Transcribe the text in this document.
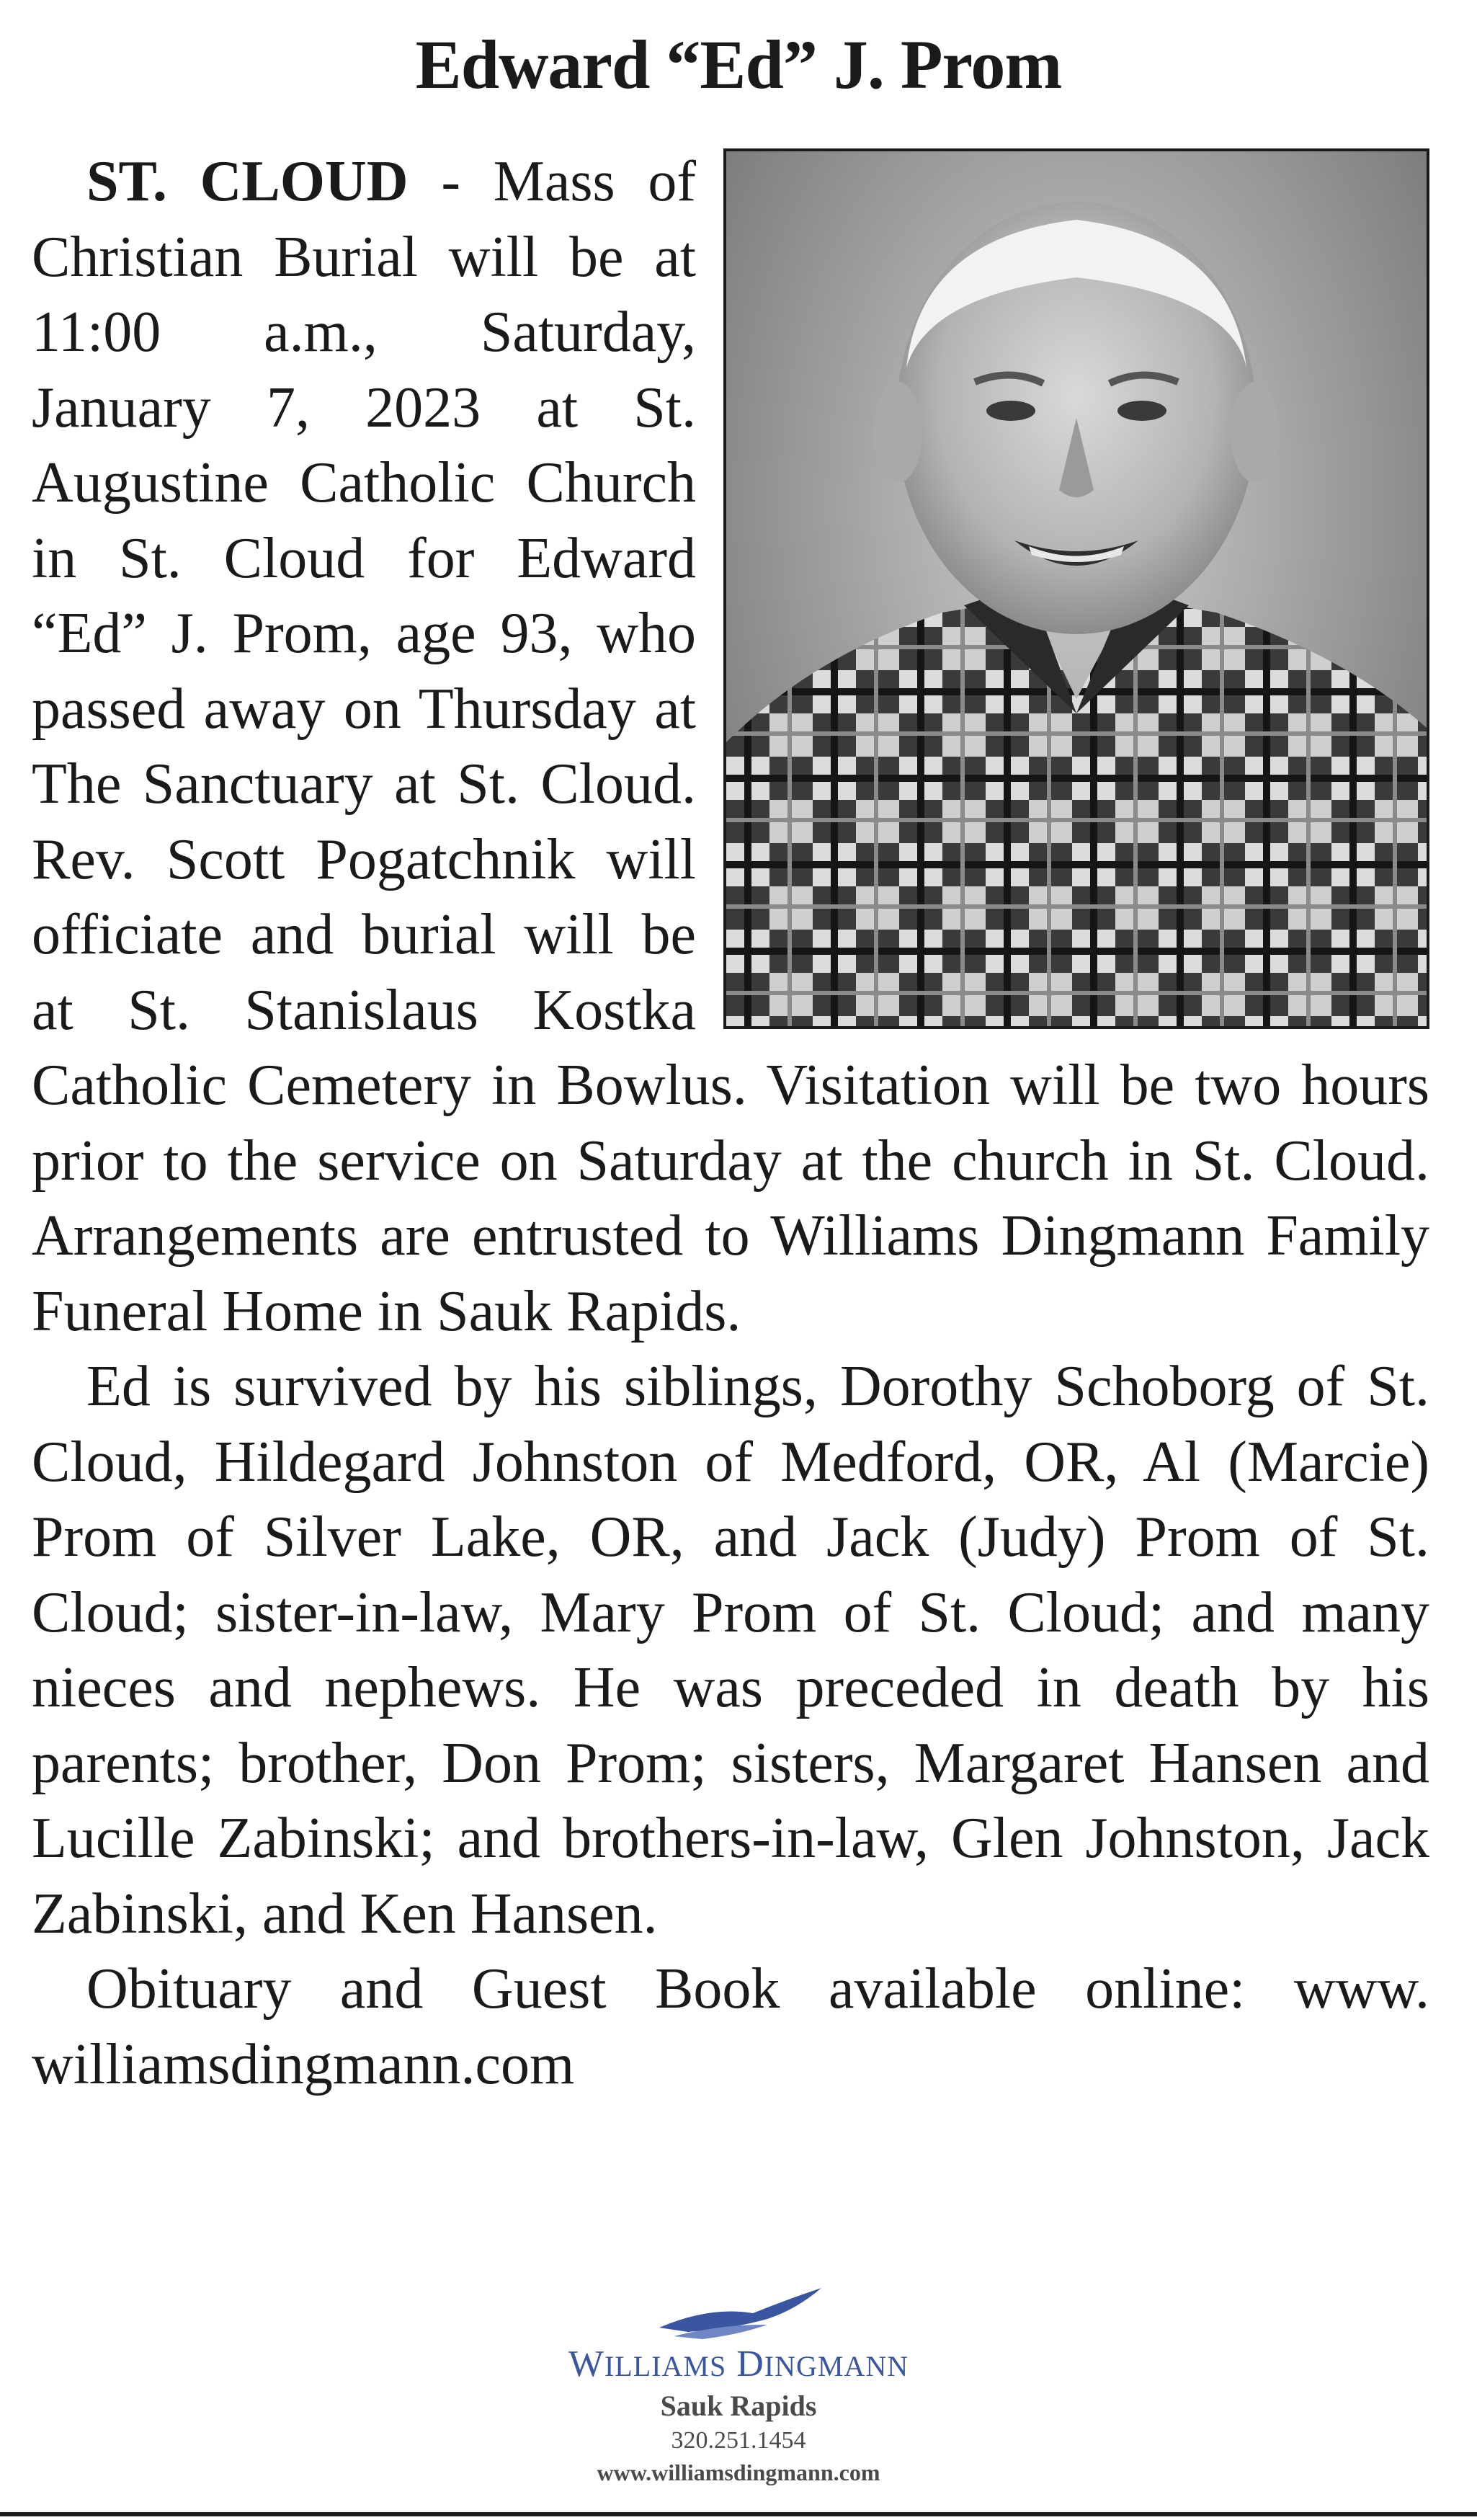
Edward “Ed” J. Prom

ST. CLOUD - Mass of Christian Burial will be at 11:00 a.m., Saturday, January 7, 2023 at St. Augustine Catholic Church in St. Cloud for Edward “Ed” J. Prom, age 93, who passed away on Thursday at The Sanctuary at St. Cloud. Rev. Scott Pogatchnik will officiate and burial will be at St. Stanislaus Kostka Catholic Cemetery in Bowlus. Visitation will be two hours prior to the service on Saturday at the church in St. Cloud. Arrangements are entrusted to Williams Dingmann Family Funeral Home in Sauk Rapids.

Ed is survived by his siblings, Dorothy Schoborg of St. Cloud, Hildegard Johnston of Medford, OR, Al (Marcie) Prom of Silver Lake, OR, and Jack (Judy) Prom of St. Cloud; sister-in-law, Mary Prom of St. Cloud; and many nieces and nephews. He was preceded in death by his parents; brother, Don Prom; sisters, Margaret Hansen and Lucille Zabinski; and brothers-in-law, Glen Johnston, Jack Zabinski, and Ken Hansen.

Obituary and Guest Book available online: www. williamsdingmann.com

WILLIAMS DINGMANN
Sauk Rapids
320.251.1454
www.williamsdingmann.com
